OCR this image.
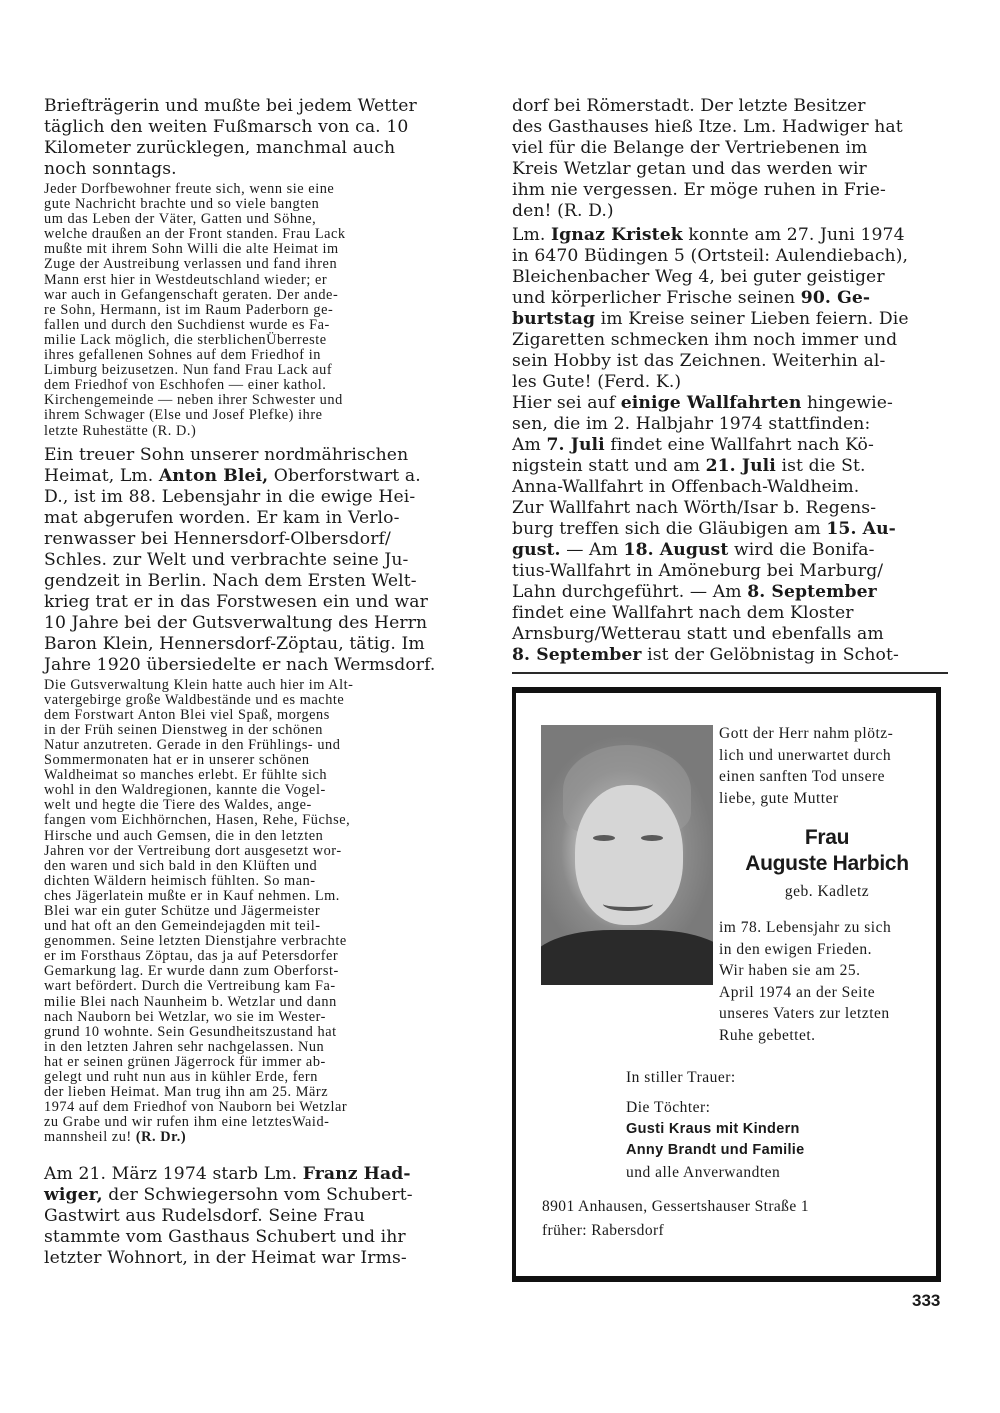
Briefträgerin und mußte bei jedem Wetter
täglich den weiten Fußmarsch von ca. 10
Kilometer zurücklegen, manchmal auch
noch sonntags.

Jeder Dorfbewohner freute sich, wenn sie eine
gute Nachricht brachte und so viele bangten
um das Leben der Väter, Gatten und Söhne,
welche draußen an der Front standen. Frau Lack
mußte mit ihrem Sohn Willi die alte Heimat im
Zuge der Austreibung verlassen und fand ihren
Mann erst hier in Westdeutschland wieder; er
war auch in Gefangenschaft geraten. Der ande-
re Sohn, Hermann, ist im Raum Paderborn ge-
fallen und durch den Suchdienst wurde es Fa-
milie Lack möglich, die sterblichenÜberreste
ihres gefallenen Sohnes auf dem Friedhof in
Limburg beizusetzen. Nun fand Frau Lack auf
dem Friedhof von Eschhofen — einer kathol.
Kirchengemeinde — neben ihrer Schwester und
ihrem Schwager (Else und Josef Plefke) ihre
letzte Ruhestätte (R. D.)

Ein treuer Sohn unserer nordmährischen
Heimat, Lm. Anton Blei, Oberforstwart a.
D., ist im 88. Lebensjahr in die ewige Hei-
mat abgerufen worden. Er kam in Verlo-
renwasser bei Hennersdorf-Olbersdorf/
Schles. zur Welt und verbrachte seine Ju-
gendzeit in Berlin. Nach dem Ersten Welt-
krieg trat er in das Forstwesen ein und war
10 Jahre bei der Gutsverwaltung des Herrn
Baron Klein, Hennersdorf-Zöptau, tätig. Im
Jahre 1920 übersiedelte er nach Wermsdorf.

Die Gutsverwaltung Klein hatte auch hier im Alt-
vatergebirge große Waldbestände und es machte
dem Forstwart Anton Blei viel Spaß, morgens
in der Früh seinen Dienstweg in der schönen
Natur anzutreten. Gerade in den Frühlings- und
Sommermonaten hat er in unserer schönen
Waldheimat so manches erlebt. Er fühlte sich
wohl in den Waldregionen, kannte die Vogel-
welt und hegte die Tiere des Waldes, ange-
fangen vom Eichhörnchen, Hasen, Rehe, Füchse,
Hirsche und auch Gemsen, die in den letzten
Jahren vor der Vertreibung dort ausgesetzt wor-
den waren und sich bald in den Klüften und
dichten Wäldern heimisch fühlten. So man-
ches Jägerlatein mußte er in Kauf nehmen. Lm.
Blei war ein guter Schütze und Jägermeister
und hat oft an den Gemeindejagden mit teil-
genommen. Seine letzten Dienstjahre verbrachte
er im Forsthaus Zöptau, das ja auf Petersdorfer
Gemarkung lag. Er wurde dann zum Oberforst-
wart befördert. Durch die Vertreibung kam Fa-
milie Blei nach Naunheim b. Wetzlar und dann
nach Nauborn bei Wetzlar, wo sie im Wester-
grund 10 wohnte. Sein Gesundheitszustand hat
in den letzten Jahren sehr nachgelassen. Nun
hat er seinen grünen Jägerrock für immer ab-
gelegt und ruht nun aus in kühler Erde, fern
der lieben Heimat. Man trug ihn am 25. März
1974 auf dem Friedhof von Nauborn bei Wetzlar
zu Grabe und wir rufen ihm eine letztesWaid-
mannsheil zu! (R. Dr.)

Am 21. März 1974 starb Lm. Franz Had-
wiger, der Schwiegersohn vom Schubert-
Gastwirt aus Rudelsdorf. Seine Frau
stammte vom Gasthaus Schubert und ihr
letzter Wohnort, in der Heimat war Irms-

dorf bei Römerstadt. Der letzte Besitzer
des Gasthauses hieß Itze. Lm. Hadwiger hat
viel für die Belange der Vertriebenen im
Kreis Wetzlar getan und das werden wir
ihm nie vergessen. Er möge ruhen in Frie-
den! (R. D.)

Lm. Ignaz Kristek konnte am 27. Juni 1974
in 6470 Büdingen 5 (Ortsteil: Aulendiebach),
Bleichenbacher Weg 4, bei guter geistiger
und körperlicher Frische seinen 90. Ge-
burtstag im Kreise seiner Lieben feiern. Die
Zigaretten schmecken ihm noch immer und
sein Hobby ist das Zeichnen. Weiterhin al-
les Gute! (Ferd. K.)

Hier sei auf einige Wallfahrten hingewie-
sen, die im 2. Halbjahr 1974 stattfinden:
Am 7. Juli findet eine Wallfahrt nach Kö-
nigstein statt und am 21. Juli ist die St.
Anna-Wallfahrt in Offenbach-Waldheim.
Zur Wallfahrt nach Wörth/Isar b. Regens-
burg treffen sich die Gläubigen am 15. Au-
gust. — Am 18. August wird die Bonifa-
tius-Wallfahrt in Amöneburg bei Marburg/
Lahn durchgeführt. — Am 8. September
findet eine Wallfahrt nach dem Kloster
Arnsburg/Wetterau statt und ebenfalls am
8. September ist der Gelöbnistag in Schot-

Gott der Herr nahm plötz-
lich und unerwartet durch
einen sanften Tod unsere
liebe, gute Mutter
Frau
Auguste Harbich
geb. Kadletz
im 78. Lebensjahr zu sich
in den ewigen Frieden.
Wir haben sie am 25.
April 1974 an der Seite
unseres Vaters zur letzten
Ruhe gebettet.
In stiller Trauer:
Die Töchter:
Gusti Kraus mit Kindern
Anny Brandt und Familie
und alle Anverwandten
8901 Anhausen, Gessertshauser Straße 1
früher: Rabersdorf
333
